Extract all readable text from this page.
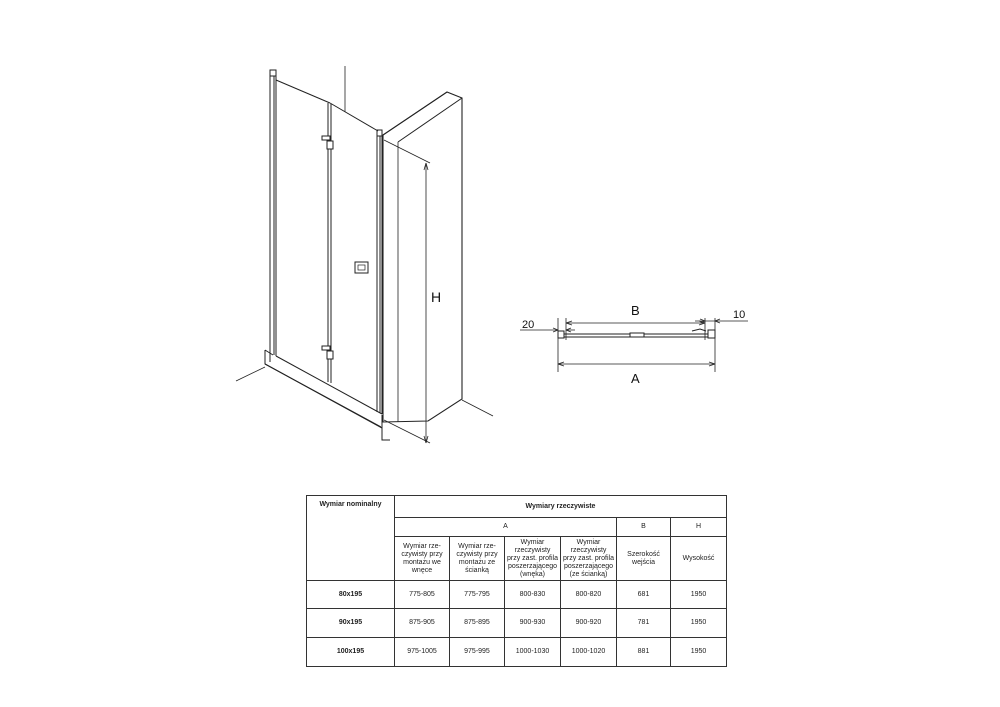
H
B
A
20
10
Wymiar nominalny	Wymiary rzeczywiste					
	A				B	H
	Wymiar rze-
czywisty przy
montażu we
wnęce	Wymiar rze-
czywisty przy
montażu ze
ścianką	Wymiar
rzeczywisty
przy zast. profila
poszerzającego
(wnęka)	Wymiar
rzeczywisty
przy zast. profila
poszerzającego
(ze ścianką)	Szerokość
wejścia	Wysokość
80x195	775-805	775-795	800-830	800-820	681	1950
90x195	875-905	875-895	900-930	900-920	781	1950
100x195	975-1005	975-995	1000-1030	1000-1020	881	1950
